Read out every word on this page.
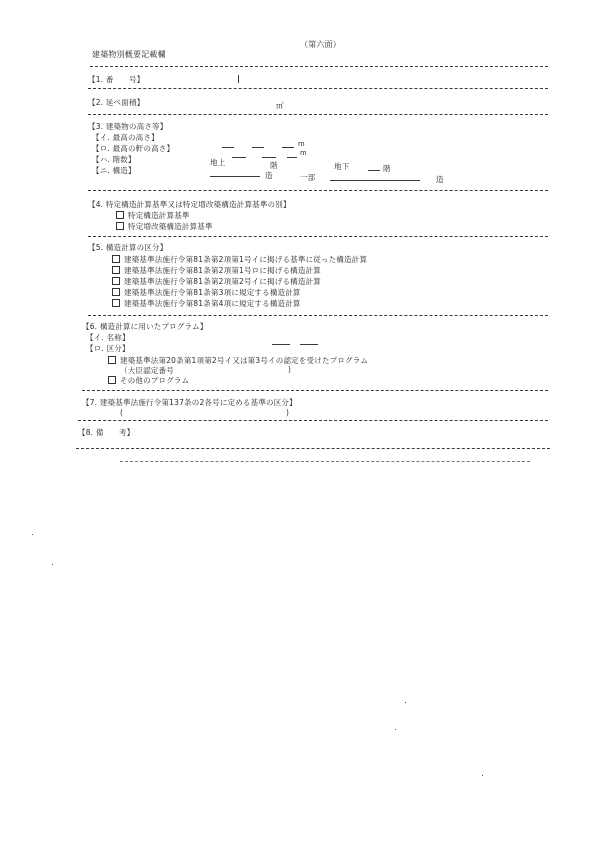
（第六面）
建築物別概要記載欄
【1. 番　　号】
【2. 延べ面積】	㎡
【3. 建築物の高さ等】
【イ. 最高の高さ】
【ロ. 最高の軒の高さ】	m
m
【ハ. 階数】	地上	階	地下	階
【ニ. 構造】
造	一部	造
【4. 特定構造計算基準又は特定増改築構造計算基準の別】
特定構造計算基準
特定増改築構造計算基準
【5. 構造計算の区分】
建築基準法施行令第81条第2項第1号イに掲げる基準に従った構造計算
建築基準法施行令第81条第2項第1号ロに掲げる構造計算
建築基準法施行令第81条第2項第2号イに掲げる構造計算
建築基準法施行令第81条第3項に規定する構造計算
建築基準法施行令第81条第4項に規定する構造計算
【6. 構造計算に用いたプログラム】
【イ. 名称】
【ロ. 区分】
建築基準法第20条第1項第2号イ又は第3号イの認定を受けたプログラム
（大臣認定番号	)
その他のプログラム
【7. 建築基準法施行令第137条の2各号に定める基準の区分】
(	)
【8. 備　　考】
